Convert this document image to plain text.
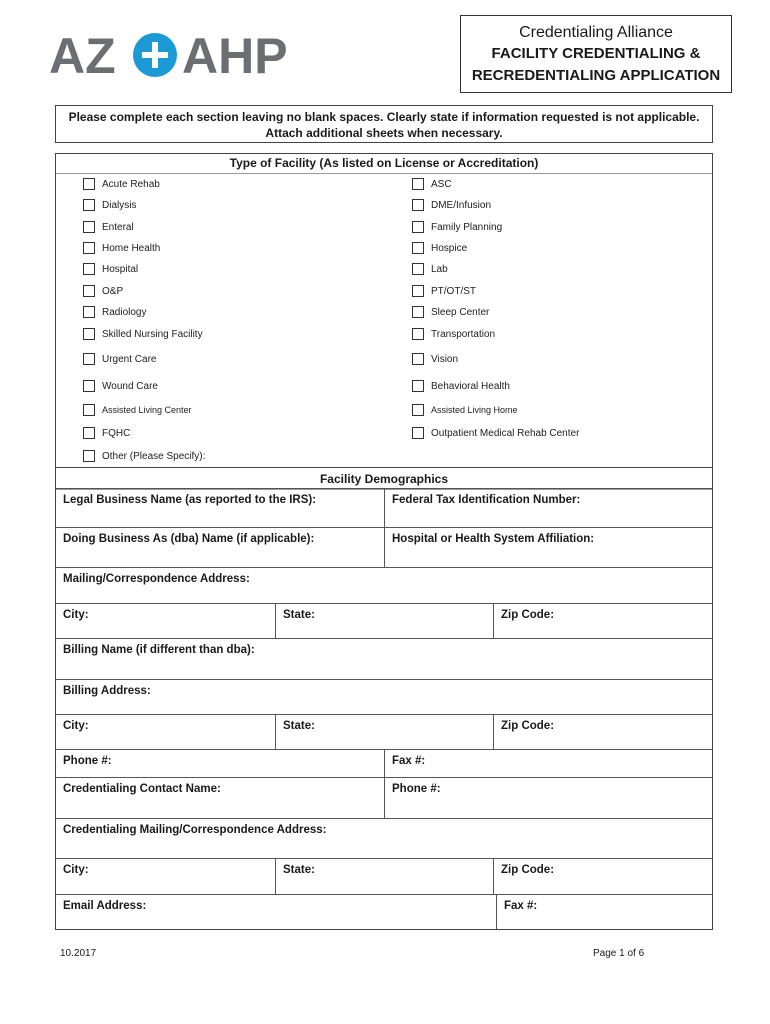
AZ AHP	Credentialing Alliance
FACILITY CREDENTIALING &
RECREDENTIALING APPLICATION
Please complete each section leaving no blank spaces. Clearly state if information requested is not applicable.
Attach additional sheets when necessary.
Type of Facility (As listed on License or Accreditation)
Acute Rehab
Dialysis
Enteral
Home Health
Hospital
O&P
Radiology
Skilled Nursing Facility
Urgent Care
Wound Care
Assisted Living Center
FQHC
Other (Please Specify):
ASC
DME/Infusion
Family Planning
Hospice
Lab
PT/OT/ST
Sleep Center
Transportation
Vision
Behavioral Health
Assisted Living Home
Outpatient Medical Rehab Center
Facility Demographics
Legal Business Name (as reported to the IRS):	Federal Tax Identification Number:
Doing Business As (dba) Name (if applicable):	Hospital or Health System Affiliation:
Mailing/Correspondence Address:
City:	State:	Zip Code:
Billing Name (if different than dba):
Billing Address:
City:	State:	Zip Code:
Phone #:	Fax #:
Credentialing Contact Name:	Phone #:
Credentialing Mailing/Correspondence Address:
City:	State:	Zip Code:
Email Address:	Fax #:
10.2017	Page 1 of 6
